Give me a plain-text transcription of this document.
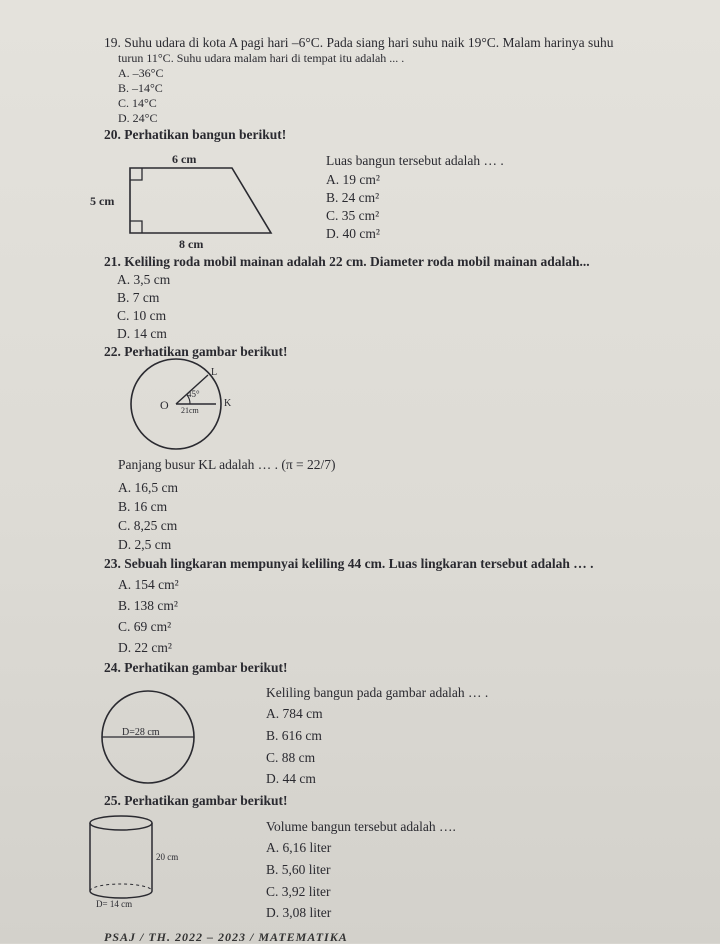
19. Suhu udara di kota A pagi hari –6°C. Pada siang hari suhu naik 19°C. Malam harinya suhu
turun 11°C. Suhu udara malam hari di tempat itu adalah ... .
A. –36°C
B. –14°C
C. 14°C
D. 24°C
20. Perhatikan bangun berikut!
6 cm
5 cm
8 cm
Luas bangun tersebut adalah … .
A. 19 cm²
B. 24 cm²
C. 35 cm²
D. 40 cm²
21. Keliling roda mobil mainan adalah 22 cm. Diameter roda mobil mainan adalah...
A. 3,5 cm
B. 7 cm
C. 10 cm
D. 14 cm
22. Perhatikan gambar berikut!
O
L
K
45°
21cm
Panjang busur KL adalah … . (π = 22/7)
A. 16,5 cm
B. 16 cm
C. 8,25 cm
D. 2,5 cm
23. Sebuah lingkaran mempunyai keliling 44 cm. Luas lingkaran tersebut adalah … .
A. 154 cm²
B. 138 cm²
C. 69 cm²
D. 22 cm²
24. Perhatikan gambar berikut!
D=28 cm
Keliling bangun pada gambar adalah … .
A. 784 cm
B. 616 cm
C. 88 cm
D. 44 cm
25. Perhatikan gambar berikut!
20 cm
D= 14 cm
Volume bangun tersebut adalah ….
A. 6,16 liter
B. 5,60 liter
C. 3,92 liter
D. 3,08 liter
PSAJ / TH. 2022 – 2023 / MATEMATIKA
